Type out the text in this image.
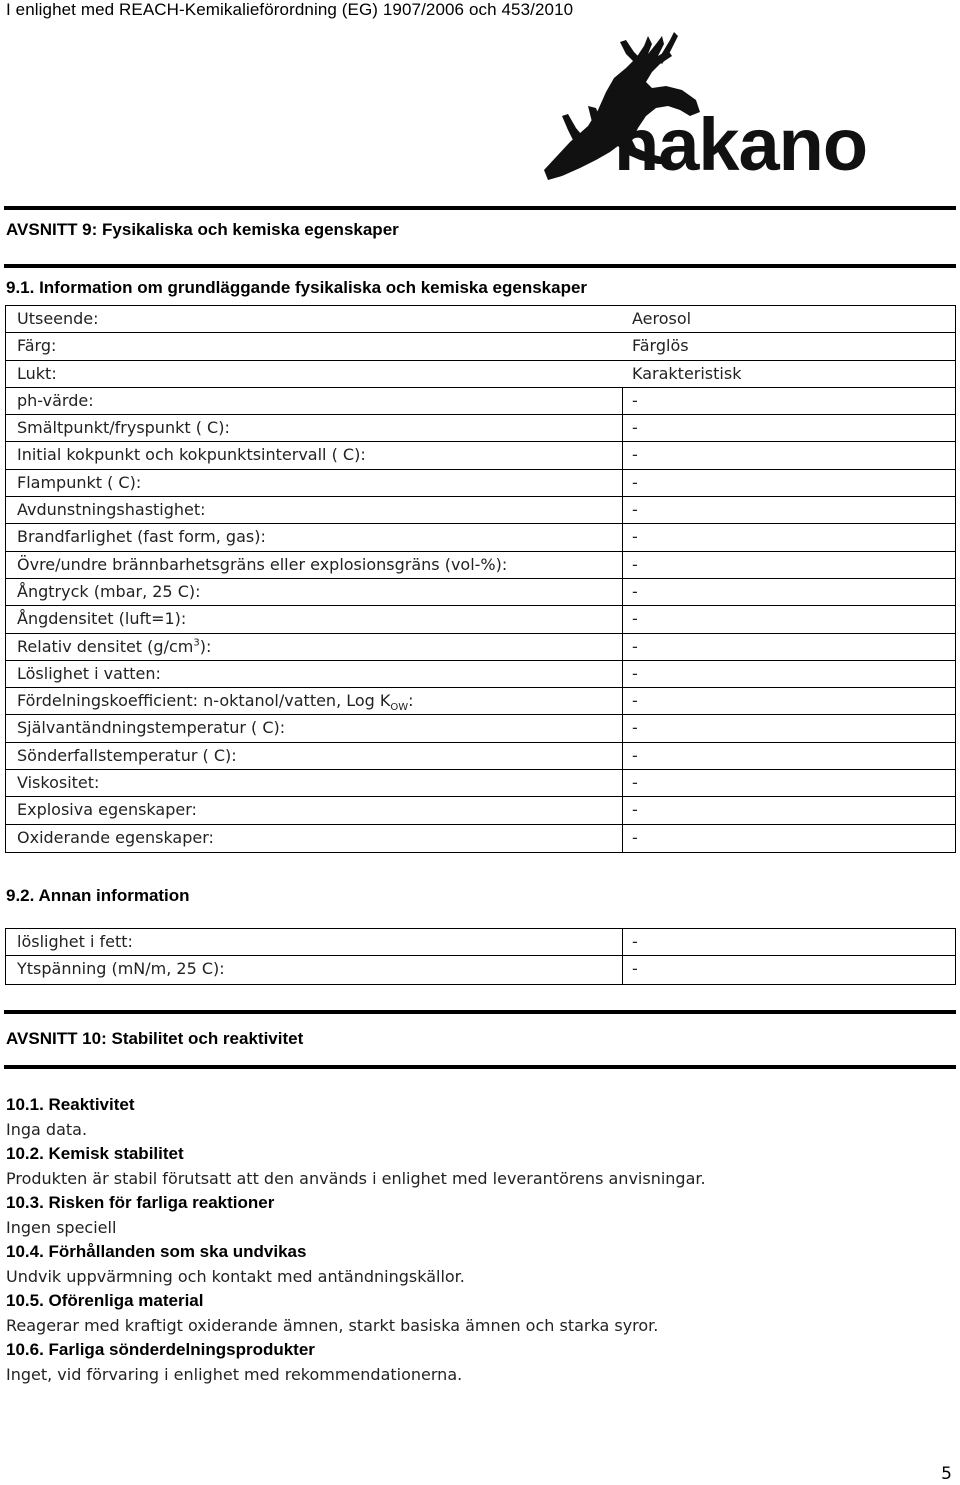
I enlighet med REACH-Kemikalieförordning (EG) 1907/2006 och 453/2010
nakano
AVSNITT 9: Fysikaliska och kemiska egenskaper
9.1. Information om grundläggande fysikaliska och kemiska egenskaper
Utseende:	Aerosol
Färg:	Färglös
Lukt:	Karakteristisk
ph-värde:	-
Smältpunkt/fryspunkt ( C):	-
Initial kokpunkt och kokpunktsintervall ( C):	-
Flampunkt ( C):	-
Avdunstningshastighet:	-
Brandfarlighet (fast form, gas):	-
Övre/undre brännbarhetsgräns eller explosionsgräns (vol-%):	-
Ångtryck (mbar, 25 C):	-
Ångdensitet (luft=1):	-
Relativ densitet $(g/cm^3)$:	-
Löslighet i vatten:	-
Fördelningskoefficient: n-oktanol/vatten, Log $K_{OW}$:	-
Självantändningstemperatur ( C):	-
Sönderfallstemperatur ( C):	-
Viskositet:	-
Explosiva egenskaper:	-
Oxiderande egenskaper:	-
9.2. Annan information
löslighet i fett:	-
Ytspänning (mN/m, 25 C):	-
AVSNITT 10: Stabilitet och reaktivitet
10.1. Reaktivitet
Inga data.
10.2. Kemisk stabilitet
Produkten är stabil förutsatt att den används i enlighet med leverantörens anvisningar.
10.3. Risken för farliga reaktioner
Ingen speciell
10.4. Förhållanden som ska undvikas
Undvik uppvärmning och kontakt med antändningskällor.
10.5. Oförenliga material
Reagerar med kraftigt oxiderande ämnen, starkt basiska ämnen och starka syror.
10.6. Farliga sönderdelningsprodukter
Inget, vid förvaring i enlighet med rekommendationerna.
5
